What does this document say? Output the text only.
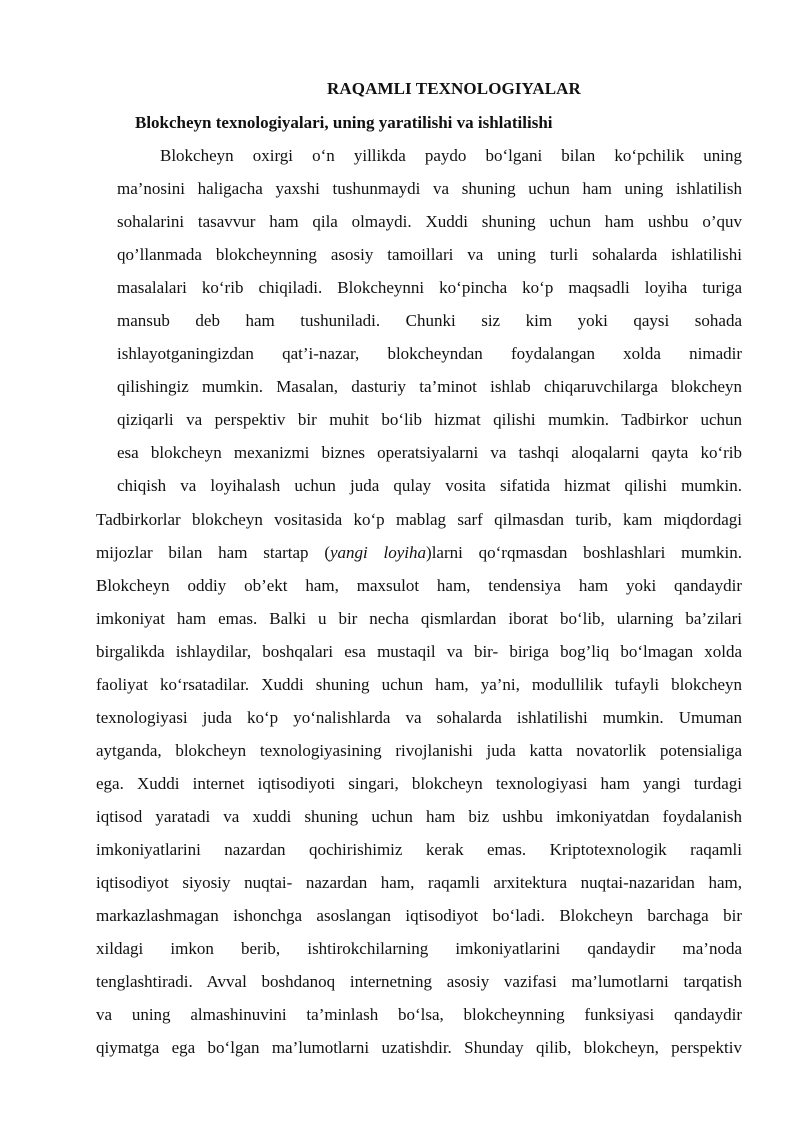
RAQAMLI TEXNOLOGIYALAR
Blokcheyn texnologiyalari, uning yaratilishi va ishlatilishi
Blokcheyn oxirgi o‘n yillikda paydo bo‘lgani bilan ko‘pchilik uning
ma’nosini haligacha yaxshi tushunmaydi va shuning uchun ham uning ishlatilish
sohalarini tasavvur ham qila olmaydi. Xuddi shuning uchun ham ushbu o’quv
qo’llanmada blokcheynning asosiy tamoillari va uning turli sohalarda ishlatilishi
masalalari ko‘rib chiqiladi. Blokcheynni ko‘pincha ko‘p maqsadli loyiha turiga
mansub deb ham tushuniladi. Chunki siz kim yoki qaysi sohada
ishlayotganingizdan qat’i-nazar, blokcheyndan foydalangan xolda nimadir
qilishingiz mumkin. Masalan, dasturiy ta’minot ishlab chiqaruvchilarga blokcheyn
qiziqarli va perspektiv bir muhit bo‘lib hizmat qilishi mumkin. Tadbirkor uchun
esa blokcheyn mexanizmi biznes operatsiyalarni va tashqi aloqalarni qayta ko‘rib
chiqish va loyihalash uchun juda qulay vosita sifatida hizmat qilishi mumkin.
Tadbirkorlar blokcheyn vositasida ko‘p mablag sarf qilmasdan turib, kam miqdordagi
mijozlar bilan ham startap (yangi loyiha)larni qo‘rqmasdan boshlashlari mumkin.
Blokcheyn oddiy ob’ekt ham, maxsulot ham, tendensiya ham yoki qandaydir
imkoniyat ham emas. Balki u bir necha qismlardan iborat bo‘lib, ularning ba’zilari
birgalikda ishlaydilar, boshqalari esa mustaqil va bir- biriga bog’liq bo‘lmagan xolda
faoliyat ko‘rsatadilar. Xuddi shuning uchun ham, ya’ni, modullilik tufayli blokcheyn
texnologiyasi juda ko‘p yo‘nalishlarda va sohalarda ishlatilishi mumkin. Umuman
aytganda, blokcheyn texnologiyasining rivojlanishi juda katta novatorlik potensialiga
ega. Xuddi internet iqtisodiyoti singari, blokcheyn texnologiyasi ham yangi turdagi
iqtisod yaratadi va xuddi shuning uchun ham biz ushbu imkoniyatdan foydalanish
imkoniyatlarini nazardan qochirishimiz kerak emas. Kriptotexnologik raqamli
iqtisodiyot siyosiy nuqtai- nazardan ham, raqamli arxitektura nuqtai-nazaridan ham,
markazlashmagan ishonchga asoslangan iqtisodiyot bo‘ladi. Blokcheyn barchaga bir
xildagi imkon berib, ishtirokchilarning imkoniyatlarini qandaydir ma’noda
tenglashtiradi. Avval boshdanoq internetning asosiy vazifasi ma’lumotlarni tarqatish
va uning almashinuvini ta’minlash bo‘lsa, blokcheynning funksiyasi qandaydir
qiymatga ega bo‘lgan ma’lumotlarni uzatishdir. Shunday qilib, blokcheyn, perspektiv
